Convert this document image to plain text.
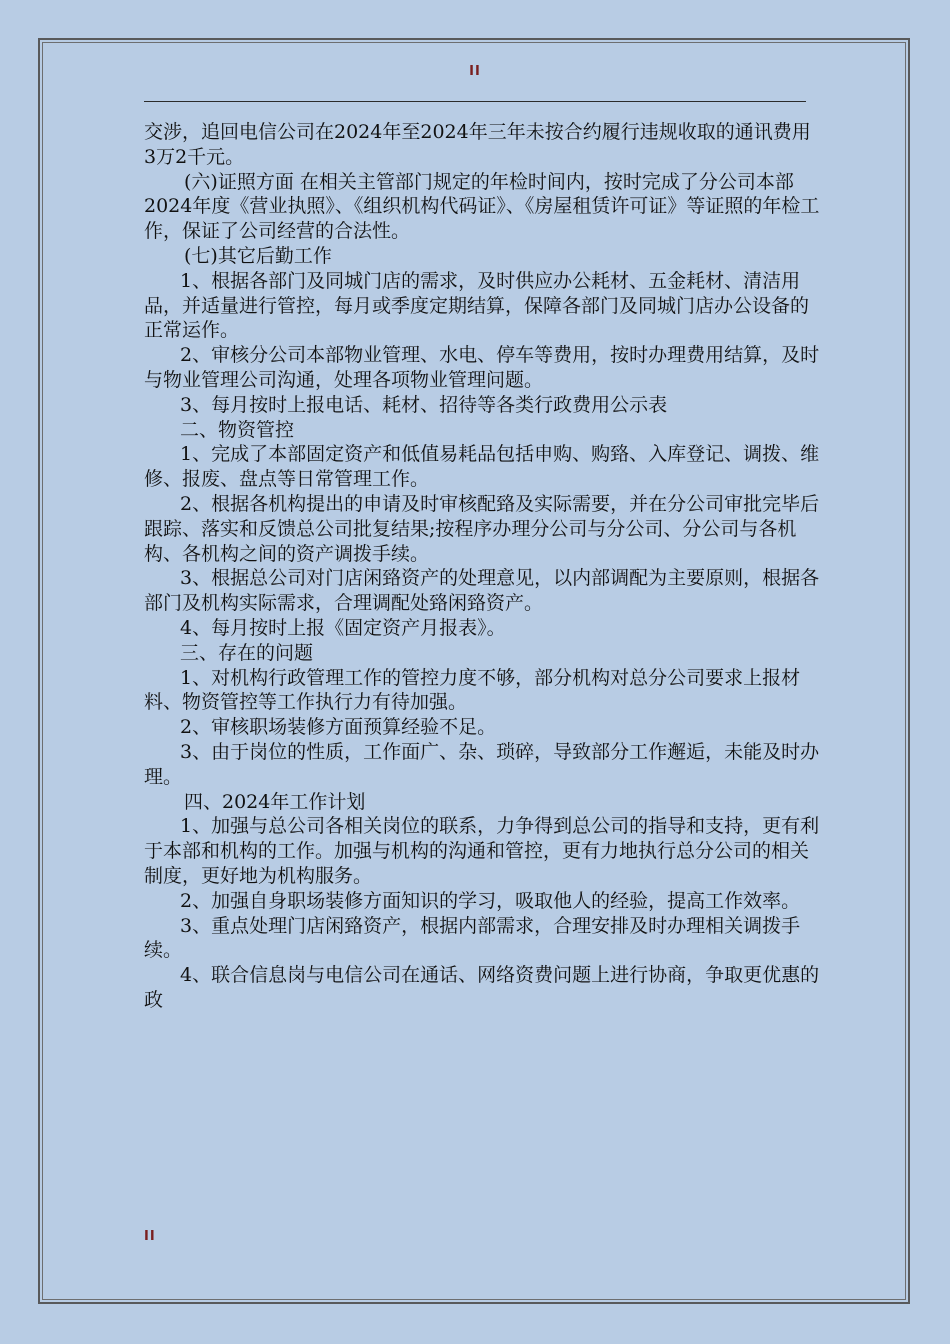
II

交涉，追回电信公司在2024年至2024年三年未按合约履行违规收取的通讯费用3万2千元。

(六)证照方面 在相关主管部门规定的年检时间内，按时完成了分公司本部2024年度《营业执照》、《组织机构代码证》、《房屋租赁许可证》等证照的年检工作，保证了公司经营的合法性。

(七)其它后勤工作

1、根据各部门及同城门店的需求，及时供应办公耗材、五金耗材、清洁用品，并适量进行管控，每月或季度定期结算，保障各部门及同城门店办公设备的正常运作。

2、审核分公司本部物业管理、水电、停车等费用，按时办理费用结算，及时与物业管理公司沟通，处理各项物业管理问题。

3、每月按时上报电话、耗材、招待等各类行政费用公示表

二、物资管控

1、完成了本部固定资产和低值易耗品包括申购、购臵、入库登记、调拨、维修、报废、盘点等日常管理工作。

2、根据各机构提出的申请及时审核配臵及实际需要，并在分公司审批完毕后跟踪、落实和反馈总公司批复结果;按程序办理分公司与分公司、分公司与各机构、各机构之间的资产调拨手续。

3、根据总公司对门店闲臵资产的处理意见，以内部调配为主要原则，根据各部门及机构实际需求，合理调配处臵闲臵资产。

4、每月按时上报《固定资产月报表》。

三、存在的问题

1、对机构行政管理工作的管控力度不够，部分机构对总分公司要求上报材料、物资管控等工作执行力有待加强。

2、审核职场装修方面预算经验不足。

3、由于岗位的性质，工作面广、杂、琐碎，导致部分工作邂逅，未能及时办理。

四、2024年工作计划

1、加强与总公司各相关岗位的联系，力争得到总公司的指导和支持，更有利于本部和机构的工作。加强与机构的沟通和管控，更有力地执行总分公司的相关制度，更好地为机构服务。

2、加强自身职场装修方面知识的学习，吸取他人的经验，提高工作效率。

3、重点处理门店闲臵资产，根据内部需求，合理安排及时办理相关调拨手续。

4、联合信息岗与电信公司在通话、网络资费问题上进行协商，争取更优惠的政

II
